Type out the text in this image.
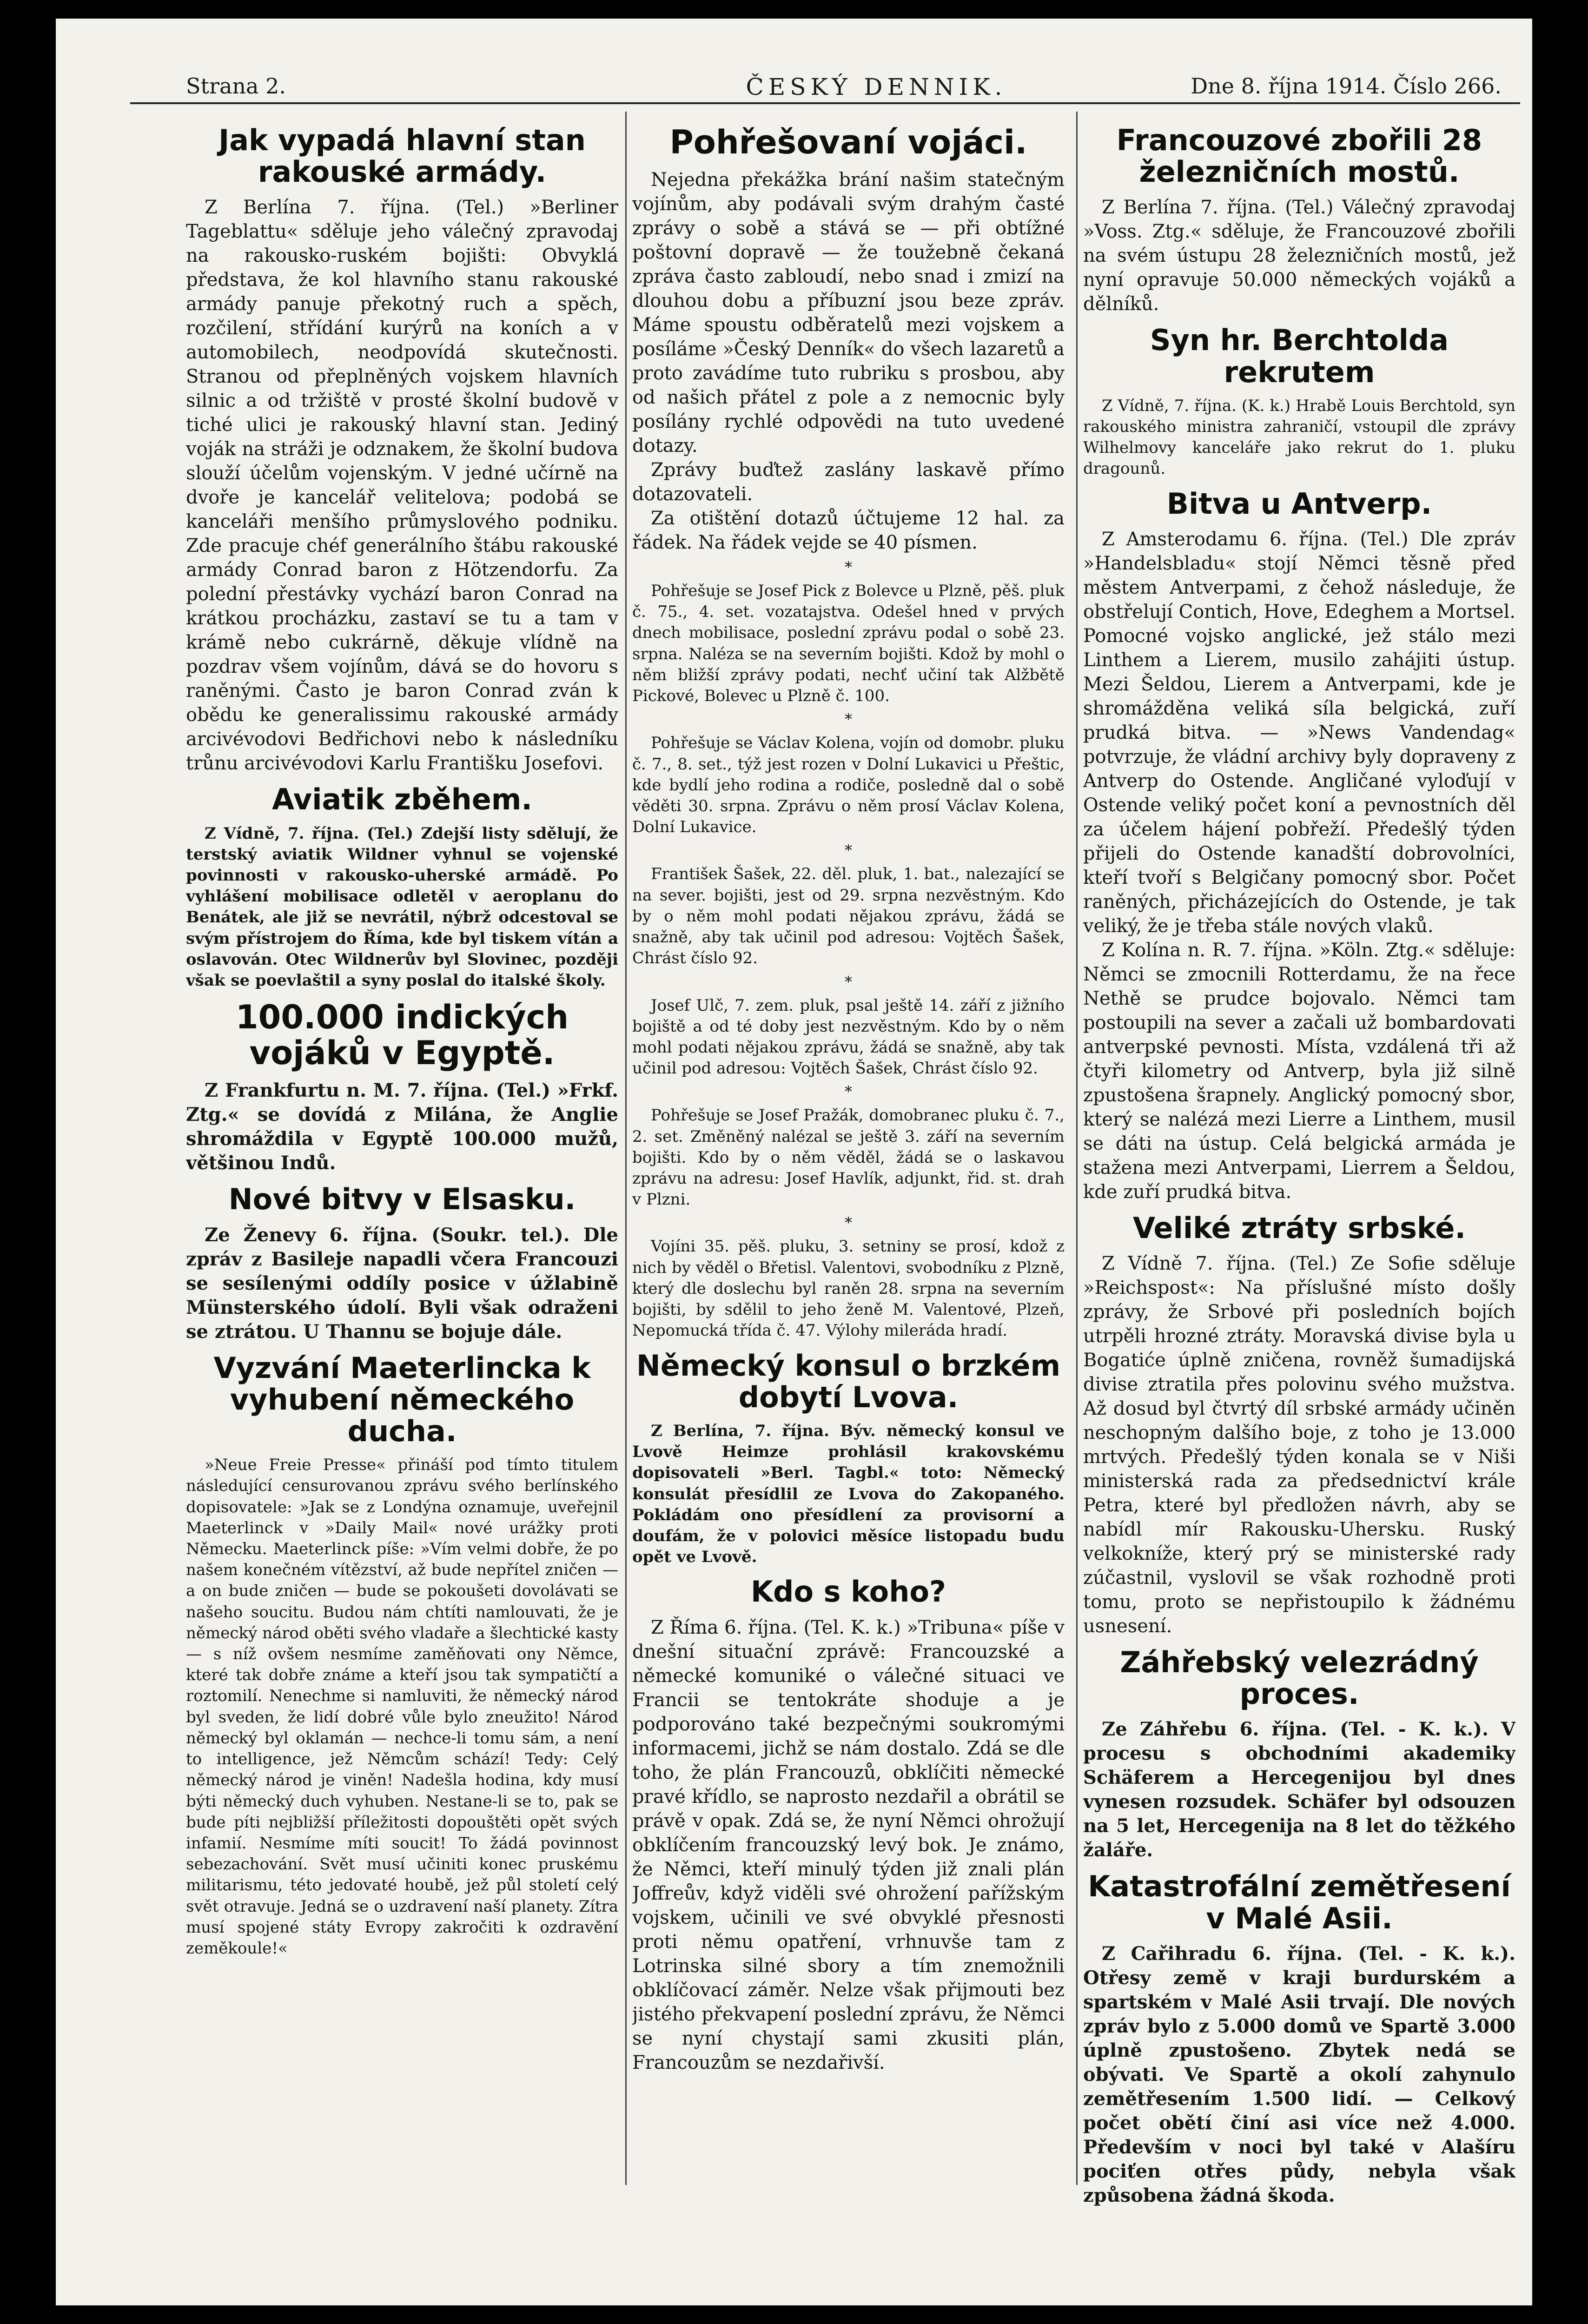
Strana 2.	ČESKÝ DENNIK.	Dne 8. října 1914. Číslo 266.
Jak vypadá hlavní stan rakouské armády.

Z Berlína 7. října. (Tel.) »Berliner Tageblattu« sděluje jeho válečný zpravodaj na rakousko-ruském bojišti: Obvyklá představa, že kol hlavního stanu rakouské armády panuje překotný ruch a spěch, rozčilení, střídání kurýrů na koních a v automobilech, neodpovídá skutečnosti. Stranou od přeplněných vojskem hlavních silnic a od tržiště v prosté školní budově v tiché ulici je rakouský hlavní stan. Jediný voják na stráži je odznakem, že školní budova slouží účelům vojenským. V jedné učírně na dvoře je kancelář velitelova; podobá se kanceláři menšího průmyslového podniku. Zde pracuje chéf generálního štábu rakouské armády Conrad baron z Hötzendorfu. Za polední přestávky vychází baron Conrad na krátkou procházku, zastaví se tu a tam v krámě nebo cukrárně, děkuje vlídně na pozdrav všem vojínům, dává se do hovoru s raněnými. Často je baron Conrad zván k obědu ke generalissimu rakouské armády arcivévodovi Bedřichovi nebo k následníku trůnu arcivévodovi Karlu Františku Josefovi.

Aviatik zběhem.

Z Vídně, 7. října. (Tel.) Zdejší listy sdělují, že terstský aviatik Wildner vyhnul se vojenské povinnosti v rakousko-uherské armádě. Po vyhlášení mobilisace odletěl v aeroplanu do Benátek, ale již se nevrátil, nýbrž odcestoval se svým přístrojem do Říma, kde byl tiskem vítán a oslavován. Otec Wildnerův byl Slovinec, později však se poevlaštil a syny poslal do italské školy.

100.000 indických vojáků v Egyptě.

Z Frankfurtu n. M. 7. října. (Tel.) »Frkf. Ztg.« se dovídá z Milána, že Anglie shromáždila v Egyptě 100.000 mužů, většinou Indů.

Nové bitvy v Elsasku.

Ze Ženevy 6. října. (Soukr. tel.). Dle zpráv z Basileje napadli včera Francouzi se sesílenými oddíly posice v úžlabině Münsterského údolí. Byli však odraženi se ztrátou. U Thannu se bojuje dále.

Vyzvání Maeterlincka k vyhubení německého ducha.

»Neue Freie Presse« přináší pod tímto titulem následující censurovanou zprávu svého berlínského dopisovatele: »Jak se z Londýna oznamuje, uveřejnil Maeterlinck v »Daily Mail« nové urážky proti Německu. Maeterlinck píše: »Vím velmi dobře, že po našem konečném vítězství, až bude nepřítel zničen — a on bude zničen — bude se pokoušeti dovolávati se našeho soucitu. Budou nám chtíti namlouvati, že je německý národ oběti svého vladaře a šlechtické kasty — s níž ovšem nesmíme zaměňovati ony Němce, které tak dobře známe a kteří jsou tak sympatičtí a roztomilí. Nenechme si namluviti, že německý národ byl sveden, že lidí dobré vůle bylo zneužito! Národ německý byl oklamán — nechce-li tomu sám, a není to intelligence, jež Němcům schází! Tedy: Celý německý národ je viněn! Nadešla hodina, kdy musí býti německý duch vyhuben. Nestane-li se to, pak se bude píti nejbližší příležitosti dopouštěti opět svých infamií. Nesmíme míti soucit! To žádá povinnost sebezachování. Svět musí učiniti konec pruskému militarismu, této jedovaté houbě, jež půl století celý svět otravuje. Jedná se o uzdravení naší planety. Zítra musí spojené státy Evropy zakročiti k ozdravění zeměkoule!«

Pohřešovaní vojáci.

Nejedna překážka brání našim statečným vojínům, aby podávali svým drahým časté zprávy o sobě a stává se — při obtížné poštovní dopravě — že toužebně čekaná zpráva často zabloudí, nebo snad i zmizí na dlouhou dobu a příbuzní jsou beze zpráv. Máme spoustu odběratelů mezi vojskem a posíláme »Český Denník« do všech lazaretů a proto zavádíme tuto rubriku s prosbou, aby od našich přátel z pole a z nemocnic byly posílány rychlé odpovědi na tuto uvedené dotazy.

Zprávy buďtež zaslány laskavě přímo dotazovateli.

Za otištění dotazů účtujeme 12 hal. za řádek. Na řádek vejde se 40 písmen.

*

Pohřešuje se Josef Pick z Bolevce u Plzně, pěš. pluk č. 75., 4. set. vozatajstva. Odešel hned v prvých dnech mobilisace, poslední zprávu podal o sobě 23. srpna. Naléza se na severním bojišti. Kdož by mohl o něm bližší zprávy podati, nechť učiní tak Alžbětě Pickové, Bolevec u Plzně č. 100.

*

Pohřešuje se Václav Kolena, vojín od domobr. pluku č. 7., 8. set., týž jest rozen v Dolní Lukavici u Přeštic, kde bydlí jeho rodina a rodiče, posledně dal o sobě věděti 30. srpna. Zprávu o něm prosí Václav Kolena, Dolní Lukavice.

*

František Šašek, 22. děl. pluk, 1. bat., nalezající se na sever. bojišti, jest od 29. srpna nezvěstným. Kdo by o něm mohl podati nějakou zprávu, žádá se snažně, aby tak učinil pod adresou: Vojtěch Šašek, Chrást číslo 92.

*

Josef Ulč, 7. zem. pluk, psal ještě 14. září z jižního bojiště a od té doby jest nezvěstným. Kdo by o něm mohl podati nějakou zprávu, žádá se snažně, aby tak učinil pod adresou: Vojtěch Šašek, Chrást číslo 92.

*

Pohřešuje se Josef Pražák, domobranec pluku č. 7., 2. set. Změněný nalézal se ještě 3. září na severním bojišti. Kdo by o něm věděl, žádá se o laskavou zprávu na adresu: Josef Havlík, adjunkt, řid. st. drah v Plzni.

*

Vojíni 35. pěš. pluku, 3. setniny se prosí, kdož z nich by věděl o Břetisl. Valentovi, svobodníku z Plzně, který dle doslechu byl raněn 28. srpna na severním bojišti, by sdělil to jeho ženě M. Valentové, Plzeň, Nepomucká třída č. 47. Výlohy mileráda hradí.

Německý konsul o brzkém dobytí Lvova.

Z Berlína, 7. října. Býv. německý konsul ve Lvově Heimze prohlásil krakovskému dopisovateli »Berl. Tagbl.« toto: Německý konsulát přesídlil ze Lvova do Zakopaného. Pokládám ono přesídlení za provisorní a doufám, že v polovici měsíce listopadu budu opět ve Lvově.

Kdo s koho?

Z Říma 6. října. (Tel. K. k.) »Tribuna« píše v dnešní situační zprávě: Francouzské a německé komuniké o válečné situaci ve Francii se tentokráte shoduje a je podporováno také bezpečnými soukromými informacemi, jichž se nám dostalo. Zdá se dle toho, že plán Francouzů, obklíčiti německé pravé křídlo, se naprosto nezdařil a obrátil se právě v opak. Zdá se, že nyní Němci ohrožují obklíčením francouzský levý bok. Je známo, že Němci, kteří minulý týden již znali plán Joffreův, když viděli své ohrožení pařížským vojskem, učinili ve své obvyklé přesnosti proti němu opatření, vrhnuvše tam z Lotrinska silné sbory a tím znemožnili obklíčovací záměr. Nelze však přijmouti bez jistého překvapení poslední zprávu, že Němci se nyní chystají sami zkusiti plán, Francouzům se nezdařivší.

Francouzové zbořili 28 železničních mostů.

Z Berlína 7. října. (Tel.) Válečný zpravodaj »Voss. Ztg.« sděluje, že Francouzové zbořili na svém ústupu 28 železničních mostů, jež nyní opravuje 50.000 německých vojáků a dělníků.

Syn hr. Berchtolda rekrutem

Z Vídně, 7. října. (K. k.) Hrabě Louis Berchtold, syn rakouského ministra zahraničí, vstoupil dle zprávy Wilhelmovy kanceláře jako rekrut do 1. pluku dragounů.

Bitva u Antverp.

Z Amsterodamu 6. října. (Tel.) Dle zpráv »Handelsbladu« stojí Němci těsně před městem Antverpami, z čehož následuje, že obstřelují Contich, Hove, Edeghem a Mortsel. Pomocné vojsko anglické, jež stálo mezi Linthem a Lierem, musilo zahájiti ústup. Mezi Šeldou, Lierem a Antverpami, kde je shromážděna veliká síla belgická, zuří prudká bitva. — »News Vandendag« potvrzuje, že vládní archivy byly dopraveny z Antverp do Ostende. Angličané vyloďují v Ostende veliký počet koní a pevnostních děl za účelem hájení pobřeží. Předešlý týden přijeli do Ostende kanadští dobrovolníci, kteří tvoří s Belgičany pomocný sbor. Počet raněných, přicházejících do Ostende, je tak veliký, že je třeba stále nových vlaků.

Z Kolína n. R. 7. října. »Köln. Ztg.« sděluje: Němci se zmocnili Rotterdamu, že na řece Nethě se prudce bojovalo. Němci tam postoupili na sever a začali už bombardovati antverpské pevnosti. Místa, vzdálená tři až čtyři kilometry od Antverp, byla již silně zpustošena šrapnely. Anglický pomocný sbor, který se nalézá mezi Lierre a Linthem, musil se dáti na ústup. Celá belgická armáda je stažena mezi Antverpami, Lierrem a Šeldou, kde zuří prudká bitva.

Veliké ztráty srbské.

Z Vídně 7. října. (Tel.) Ze Sofie sděluje »Reichspost«: Na příslušné místo došly zprávy, že Srbové při posledních bojích utrpěli hrozné ztráty. Moravská divise byla u Bogatiće úplně zničena, rovněž šumadijská divise ztratila přes polovinu svého mužstva. Až dosud byl čtvrtý díl srbské armády učiněn neschopným dalšího boje, z toho je 13.000 mrtvých. Předešlý týden konala se v Niši ministerská rada za předsednictví krále Petra, které byl předložen návrh, aby se nabídl mír Rakousku-Uhersku. Ruský velkokníže, který prý se ministerské rady zúčastnil, vyslovil se však rozhodně proti tomu, proto se nepřistoupilo k žádnému usnesení.

Záhřebský velezrádný proces.

Ze Záhřebu 6. října. (Tel. - K. k.). V procesu s obchodními akademiky Schäferem a Hercegenijou byl dnes vynesen rozsudek. Schäfer byl odsouzen na 5 let, Hercegenija na 8 let do těžkého žaláře.

Katastrofální zemětřesení v Malé Asii.

Z Cařihradu 6. října. (Tel. - K. k.). Otřesy země v kraji burdurském a spartském v Malé Asii trvají. Dle nových zpráv bylo z 5.000 domů ve Spartě 3.000 úplně zpustošeno. Zbytek nedá se obývati. Ve Spartě a okolí zahynulo zemětřesením 1.500 lidí. — Celkový počet obětí činí asi více než 4.000. Především v noci byl také v Alašíru pociťen otřes půdy, nebyla však způsobena žádná škoda.
